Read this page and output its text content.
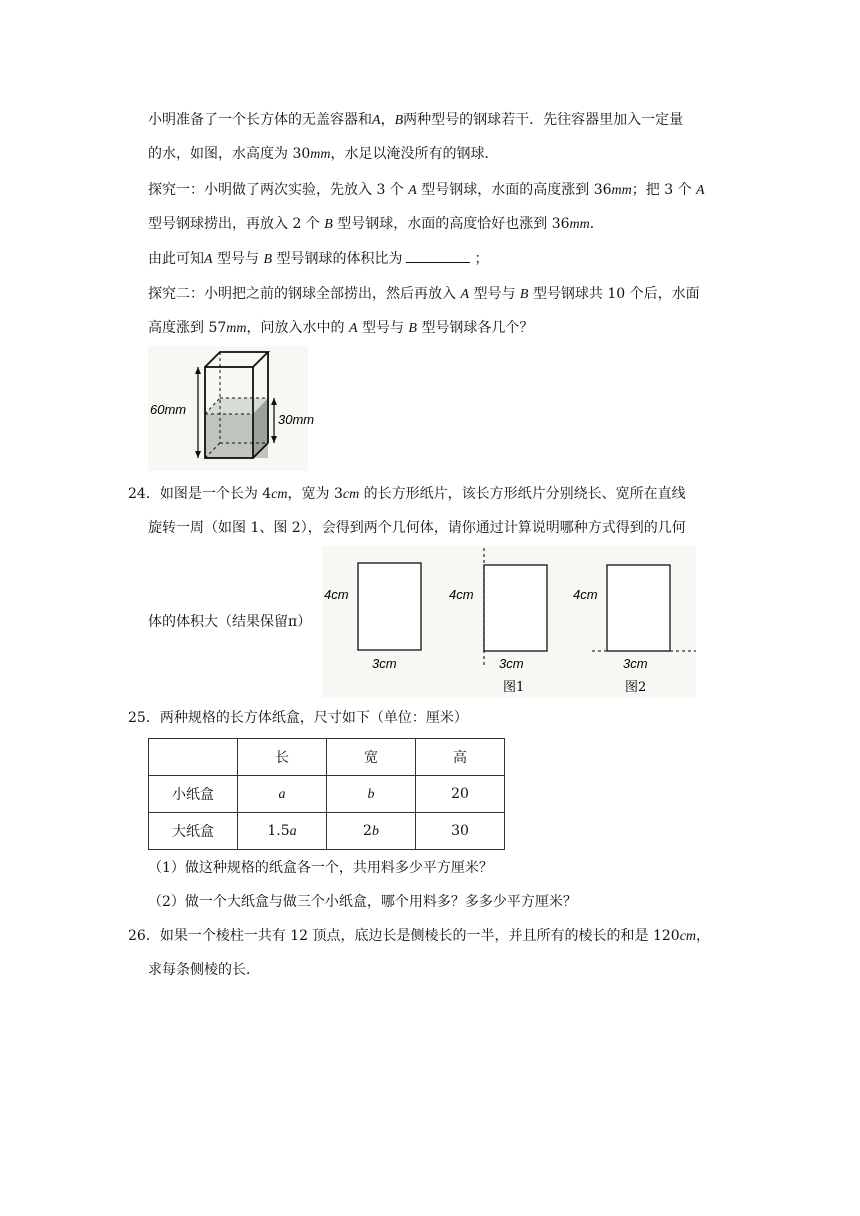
小明准备了一个长方体的无盖容器和A，B两种型号的钢球若干．先往容器里加入一定量
的水，如图，水高度为 30mm，水足以淹没所有的钢球．
探究一：小明做了两次实验，先放入 3 个 A 型号钢球，水面的高度涨到 36mm；把 3 个 A
型号钢球捞出，再放入 2 个 B 型号钢球，水面的高度恰好也涨到 36mm．
由此可知A 型号与 B 型号钢球的体积比为	；
探究二：小明把之前的钢球全部捞出，然后再放入 A 型号与 B 型号钢球共 10 个后，水面
高度涨到 57mm，问放入水中的 A 型号与 B 型号钢球各几个？
60mm
30mm
24．如图是一个长为 4cm，宽为 3cm 的长方形纸片，该长方形纸片分别绕长、宽所在直线
旋转一周（如图 1、图 2），会得到两个几何体，请你通过计算说明哪种方式得到的几何
体的体积大（结果保留π）
4cm
3cm
4cm
3cm
图1
4cm
3cm
图2
25．两种规格的长方体纸盒，尺寸如下（单位：厘米）
	长	宽	高
小纸盒	a	b	20
大纸盒	1.5a	2b	30
（1）做这种规格的纸盒各一个，共用料多少平方厘米？
（2）做一个大纸盒与做三个小纸盒，哪个用料多？多多少平方厘米？
26．如果一个棱柱一共有 12 顶点，底边长是侧棱长的一半，并且所有的棱长的和是 120cm，
求每条侧棱的长．
